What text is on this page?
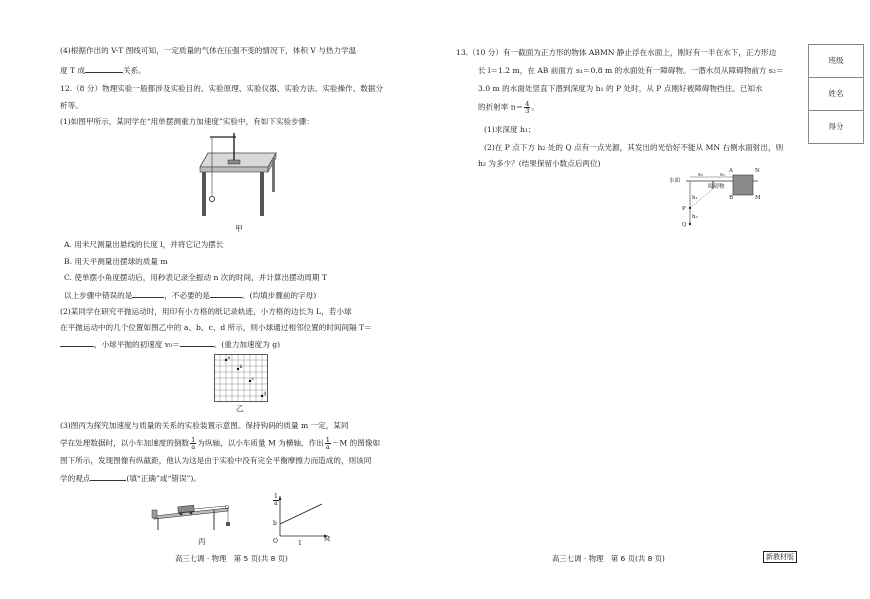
(4)根据作出的 V-T 图线可知，一定质量的气体在压强不变的情况下，体积 V 与热力学温
度 T 成	关系。
12.（8 分）物理实验一般都涉及实验目的、实验原理、实验仪器、实验方法、实验操作、数据分
析等。
(1)如图甲所示，某同学在“用单摆测重力加速度”实验中，有如下实验步骤：
甲
A. 用米尺测量出悬线的长度 l，并将它记为摆长
B. 用天平测量出摆球的质量 m
C. 使单摆小角度摆动后，用秒表记录全振动 n 次的时间，并计算出摆动周期 T
以上步骤中错误的是	，不必要的是	。(均填步骤前的字母)
(2)某同学在研究平抛运动时，用印有小方格的纸记录轨迹，小方格的边长为 L，若小球
在平抛运动中的几个位置如图乙中的 a、b、c、d 所示，则小球通过相邻位置的时间间隔 T＝
，小球平抛的初速度 v₀＝	。(重力加速度为 g)
a
b
c
d
乙
(3)图丙为探究加速度与质量的关系的实验装置示意图。保持钩码的质量 m 一定，某同
学在处理数据时，以小车加速度的倒数 $\frac{1}{a}$ 为纵轴，以小车质量 M 为横轴，作出 $\frac{1}{a} -M$ 的图像如
图下所示，发现图像有纵截距，他认为这是由于实验中没有完全平衡摩擦力而造成的，则该同
学的观点	(填“正确”或“错误”)。
丙
$\frac{1}{a}$
b
O	M
1
高三七调 · 物理　第 5 页(共 8 页)
13.（10 分）有一截面为正方形的物体 ABMN 静止浮在水面上，刚好有一半在水下，正方形边
长 l＝1.2 m，在 AB 前面方 s₁＝0.8 m 的水面处有一障碍物。一潜水员从障碍物前方 s₂＝
3.0 m 的水面处竖直下潜到深度为 h₁ 的 P 处时，从 P 点刚好被障碍物挡住。已知水
的折射率 $n= \frac{4}{3}$ 。
(1)求深度 h₁；
(2)在 P 点下方 h₂ 处的 Q 点有一点光源，其发出的光恰好不能从 MN 右侧水面射出，则
h₂ 为多少？(结果保留小数点后两位)
水面
s₂	s₁
障碍物
A	N
B	M
P
Q
h₁
h₂
高三七调 · 物理　第 6 页(共 8 页)
班级
姓名
得分
新教材版
